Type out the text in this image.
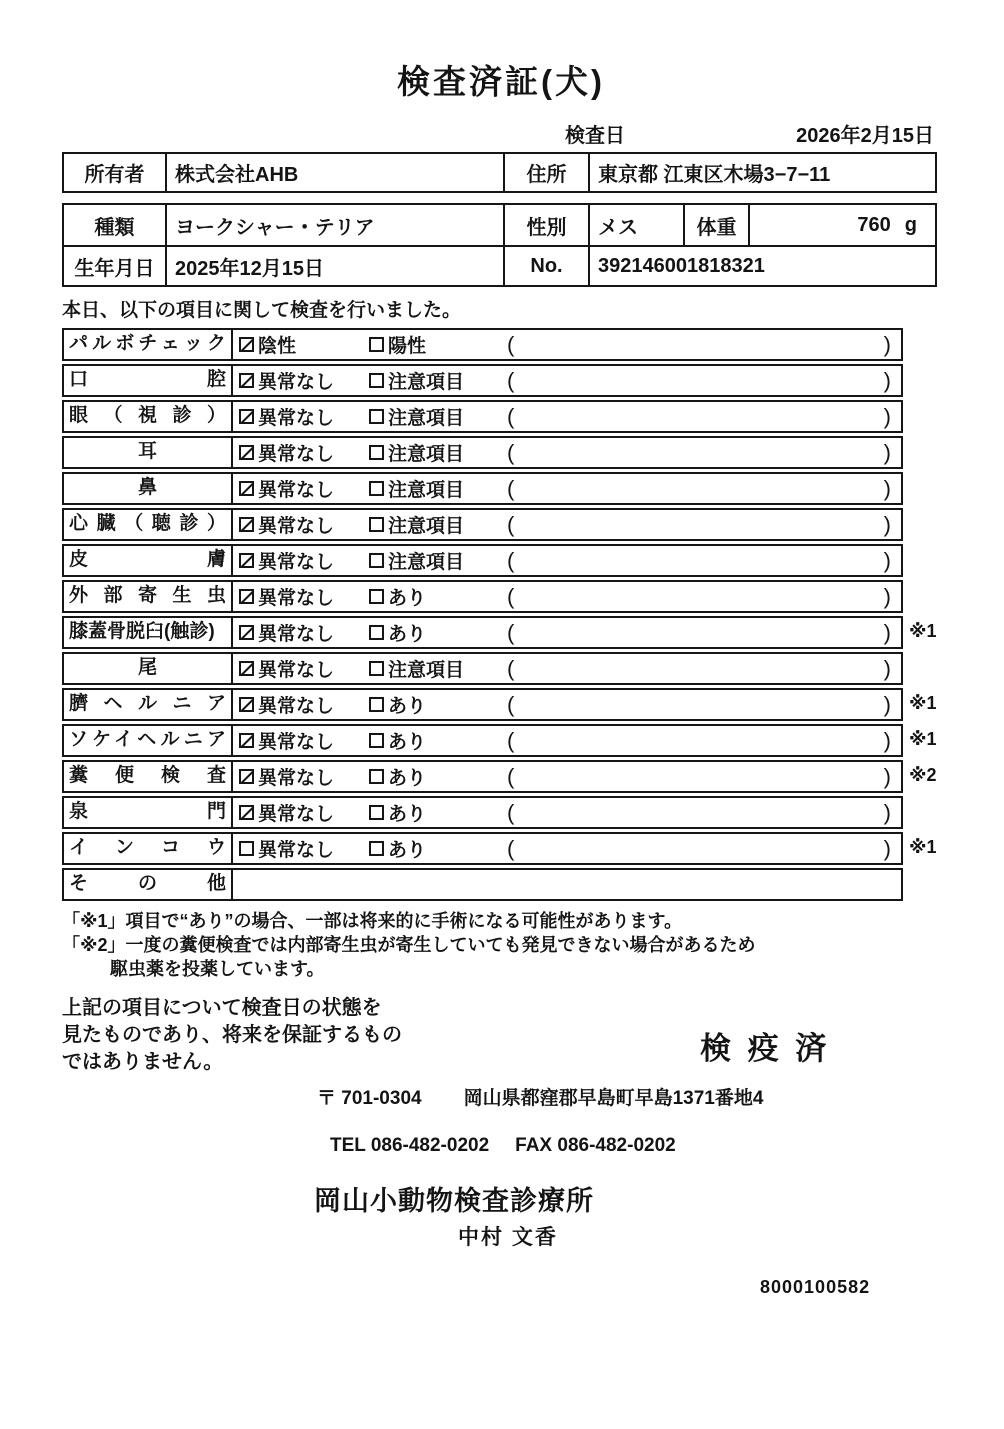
検査済証(犬)
検査日	2026年2月15日
所有者	株式会社AHB	住所	東京都 江東区木場3−7−11
種類	ヨークシャー・テリア	性別	メス	体重	760 g
生年月日	2025年12月15日	No.	392146001818321
本日、以下の項目に関して検査を行いました。
パルボチェック	陰性	陽性	(	)
口腔	異常なし	注意項目 (	)
眼（視診）	異常なし	注意項目 (	)
耳	異常なし	注意項目 (	)
鼻	異常なし	注意項目 (	)
心臓（聴診）	異常なし	注意項目 (	)
皮膚	異常なし	注意項目 (	)
外部寄生虫	異常なし	あり	(	)
膝蓋骨脱臼(触診)	異常なし	あり	(	)	※1
尾	異常なし	注意項目 (	)
臍ヘルニア	異常なし	あり	(	)	※1
ソケイヘルニア	異常なし	あり	(	)	※1
糞便検査	異常なし	あり	(	)	※2
泉門	異常なし	あり	(	)
インコウ	異常なし	あり	(	)	※1
その他
「※1」項目で“あり”の場合、一部は将来的に手術になる可能性があります。
「※2」一度の糞便検査では内部寄生虫が寄生していても発見できない場合があるため
駆虫薬を投薬しています。
上記の項目について検査日の状態を
見たものであり、将来を保証するもの
ではありません。	検 疫 済
〒 701-0304 岡山県都窪郡早島町早島1371番地4
TEL 086-482-0202 FAX 086-482-0202
岡山小動物検査診療所
中村 文香
8000100582
